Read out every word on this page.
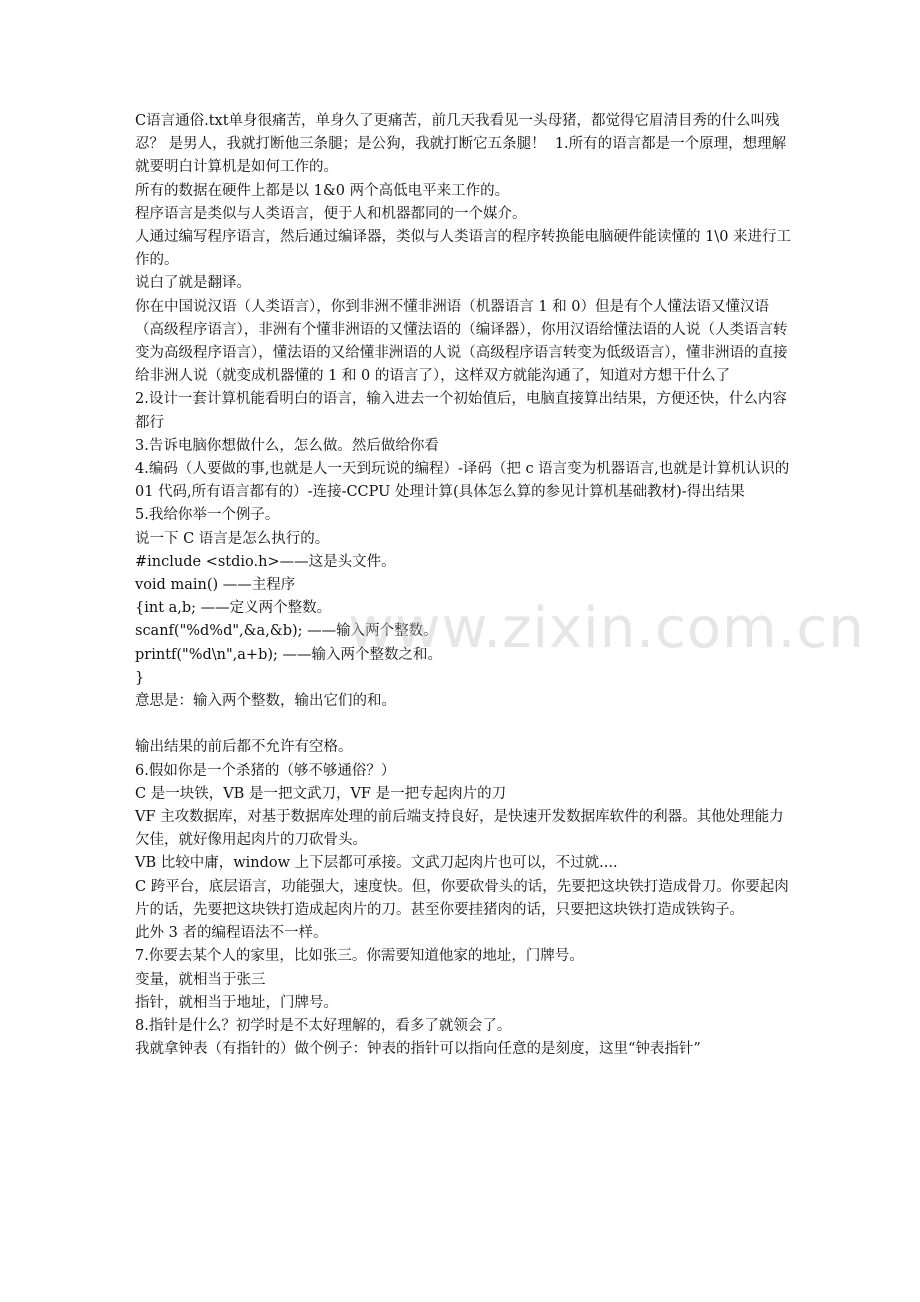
C语言通俗.txt单身很痛苦，单身久了更痛苦，前几天我看见一头母猪，都觉得它眉清目秀的什么叫残忍？ 是男人，我就打断他三条腿；是公狗，我就打断它五条腿！  1.所有的语言都是一个原理，想理解就要明白计算机是如何工作的。

所有的数据在硬件上都是以 1&0 两个高低电平来工作的。

程序语言是类似与人类语言，便于人和机器都同的一个媒介。

人通过编写程序语言，然后通过编译器，类似与人类语言的程序转换能电脑硬件能读懂的 1\0 来进行工作的。

说白了就是翻译。

你在中国说汉语（人类语言），你到非洲不懂非洲语（机器语言 1 和 0）但是有个人懂法语又懂汉语（高级程序语言），非洲有个懂非洲语的又懂法语的（编译器），你用汉语给懂法语的人说（人类语言转变为高级程序语言），懂法语的又给懂非洲语的人说（高级程序语言转变为低级语言），懂非洲语的直接给非洲人说（就变成机器懂的 1 和 0 的语言了），这样双方就能沟通了，知道对方想干什么了

2.设计一套计算机能看明白的语言，输入进去一个初始值后，电脑直接算出结果，方便还快，什么内容都行

3.告诉电脑你想做什么，怎么做。然后做给你看

4.编码（人要做的事,也就是人一天到玩说的编程）-译码（把 c 语言变为机器语言,也就是计算机认识的 01 代码,所有语言都有的）-连接-CCPU 处理计算(具体怎么算的参见计算机基础教材)-得出结果

5.我给你举一个例子。

说一下 C 语言是怎么执行的。

#include <stdio.h>——这是头文件。

void main() ——主程序

{int a,b; ——定义两个整数。

scanf("%d%d",&a,&b); ——输入两个整数。

printf("%d\n",a+b); ——输入两个整数之和。

}

意思是：输入两个整数，输出它们的和。

输出结果的前后都不允许有空格。

6.假如你是一个杀猪的（够不够通俗？）

C 是一块铁，VB 是一把文武刀，VF 是一把专起肉片的刀

VF 主攻数据库，对基于数据库处理的前后端支持良好，是快速开发数据库软件的利器。其他处理能力欠佳，就好像用起肉片的刀砍骨头。

VB 比较中庸，window 上下层都可承接。文武刀起肉片也可以，不过就....

C 跨平台，底层语言，功能强大，速度快。但，你要砍骨头的话，先要把这块铁打造成骨刀。你要起肉片的话，先要把这块铁打造成起肉片的刀。甚至你要挂猪肉的话，只要把这块铁打造成铁钩子。

此外 3 者的编程语法不一样。

7.你要去某个人的家里，比如张三。你需要知道他家的地址，门牌号。

变量，就相当于张三

指针，就相当于地址，门牌号。

8.指针是什么？初学时是不太好理解的，看多了就领会了。

我就拿钟表（有指针的）做个例子：钟表的指针可以指向任意的是刻度，这里“钟表指针”

www.zixin.com.cn
